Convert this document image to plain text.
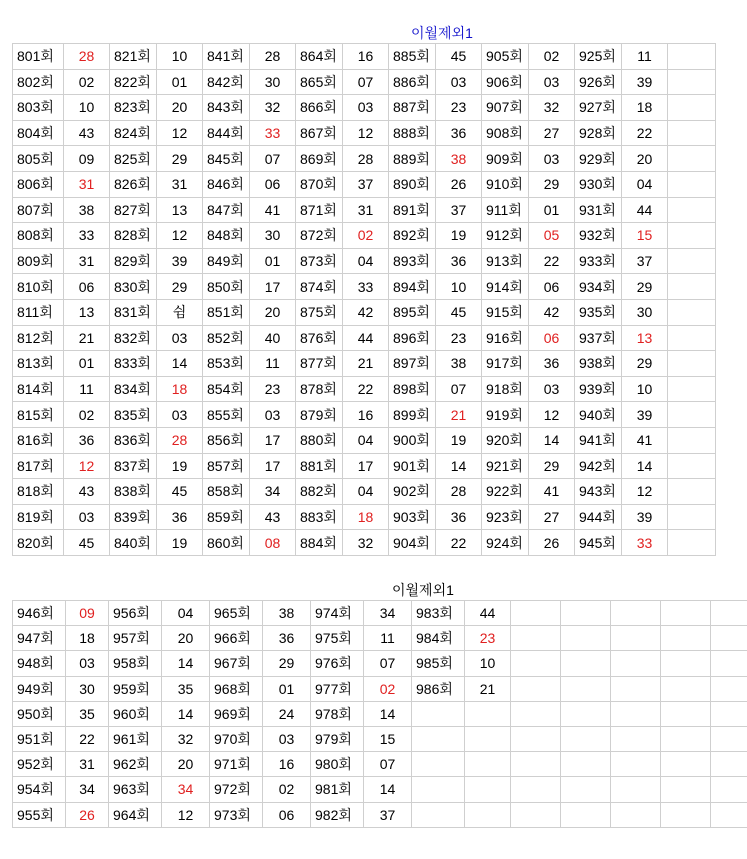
이월제외1
801회	28	821회	10	841회	28	864회	16	885회	45	905회	02	925회	11	
802회	02	822회	01	842회	30	865회	07	886회	03	906회	03	926회	39	
803회	10	823회	20	843회	32	866회	03	887회	23	907회	32	927회	18	
804회	43	824회	12	844회	33	867회	12	888회	36	908회	27	928회	22	
805회	09	825회	29	845회	07	869회	28	889회	38	909회	03	929회	20	
806회	31	826회	31	846회	06	870회	37	890회	26	910회	29	930회	04	
807회	38	827회	13	847회	41	871회	31	891회	37	911회	01	931회	44	
808회	33	828회	12	848회	30	872회	02	892회	19	912회	05	932회	15	
809회	31	829회	39	849회	01	873회	04	893회	36	913회	22	933회	37	
810회	06	830회	29	850회	17	874회	33	894회	10	914회	06	934회	29	
811회	13	831회	쉼	851회	20	875회	42	895회	45	915회	42	935회	30	
812회	21	832회	03	852회	40	876회	44	896회	23	916회	06	937회	13	
813회	01	833회	14	853회	11	877회	21	897회	38	917회	36	938회	29	
814회	11	834회	18	854회	23	878회	22	898회	07	918회	03	939회	10	
815회	02	835회	03	855회	03	879회	16	899회	21	919회	12	940회	39	
816회	36	836회	28	856회	17	880회	04	900회	19	920회	14	941회	41	
817회	12	837회	19	857회	17	881회	17	901회	14	921회	29	942회	14	
818회	43	838회	45	858회	34	882회	04	902회	28	922회	41	943회	12	
819회	03	839회	36	859회	43	883회	18	903회	36	923회	27	944회	39	
820회	45	840회	19	860회	08	884회	32	904회	22	924회	26	945회	33	
이월제외1
946회	09	956회	04	965회	38	974회	34	983회	44					
947회	18	957회	20	966회	36	975회	11	984회	23					
948회	03	958회	14	967회	29	976회	07	985회	10					
949회	30	959회	35	968회	01	977회	02	986회	21					
950회	35	960회	14	969회	24	978회	14							
951회	22	961회	32	970회	03	979회	15							
952회	31	962회	20	971회	16	980회	07							
954회	34	963회	34	972회	02	981회	14							
955회	26	964회	12	973회	06	982회	37							
